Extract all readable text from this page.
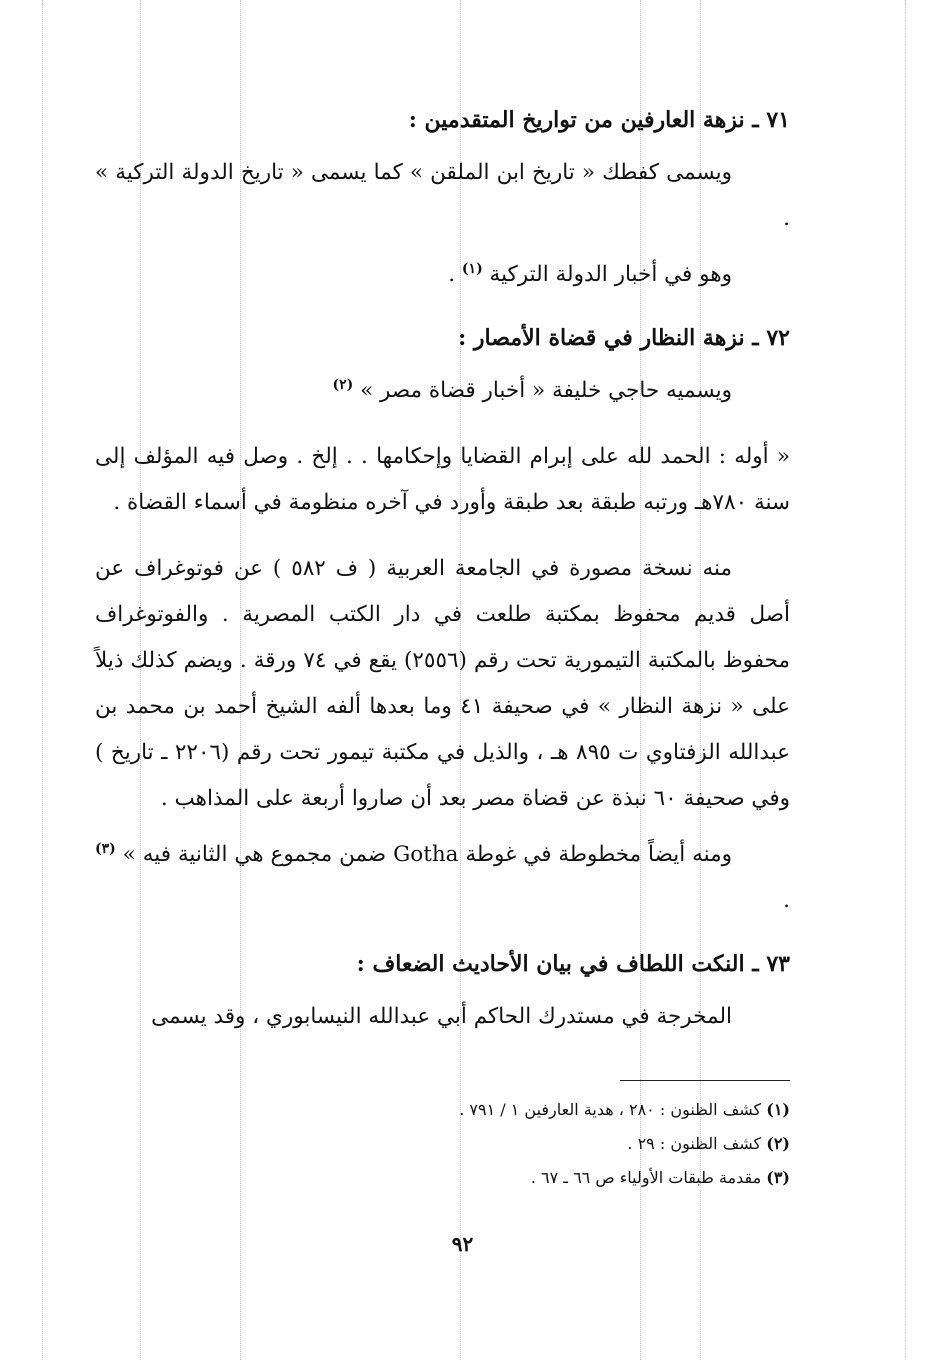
٧١ ـ نزهة العارفين من تواريخ المتقدمين :

ويسمى كفطك « تاريخ ابن الملقن » كما يسمى « تاريخ الدولة التركية » .

وهو في أخبار الدولة التركية $^{(١)}$ .

٧٢ ـ نزهة النظار في قضاة الأمصار :

ويسميه حاجي خليفة « أخبار قضاة مصر » $^{(٢)}$

« أوله : الحمد لله على إبرام القضايا وإحكامها . . إلخ . وصل فيه المؤلف إلى سنة ٧٨٠هـ ورتبه طبقة بعد طبقة وأورد في آخره منظومة في أسماء القضاة .

منه نسخة مصورة في الجامعة العربية ( ف ٥٨٢ ) عن فوتوغراف عن أصل قديم محفوظ بمكتبة طلعت في دار الكتب المصرية . والفوتوغراف محفوظ بالمكتبة التيمورية تحت رقم (٢٥٥٦) يقع في ٧٤ ورقة . ويضم كذلك ذيلاً على « نزهة النظار » في صحيفة ٤١ وما بعدها ألفه الشيخ أحمد بن محمد بن عبدالله الزفتاوي ت ٨٩٥ هـ ، والذيل في مكتبة تيمور تحت رقم (٢٢٠٦ ـ تاريخ ) وفي صحيفة ٦٠ نبذة عن قضاة مصر بعد أن صاروا أربعة على المذاهب .

ومنه أيضاً مخطوطة في غوطة Gotha ضمن مجموع هي الثانية فيه » $^{(٣)}$ .

٧٣ ـ النكت اللطاف في بيان الأحاديث الضعاف :

المخرجة في مستدرك الحاكم أبي عبدالله النيسابوري ، وقد يسمى

(١) كشف الظنون : ٢٨٠ ، هدية العارفين ١ / ٧٩١ .
(٢) كشف الظنون : ٢٩ .
(٣) مقدمة طبقات الأولياء ص ٦٦ ـ ٦٧ .
٩٢
